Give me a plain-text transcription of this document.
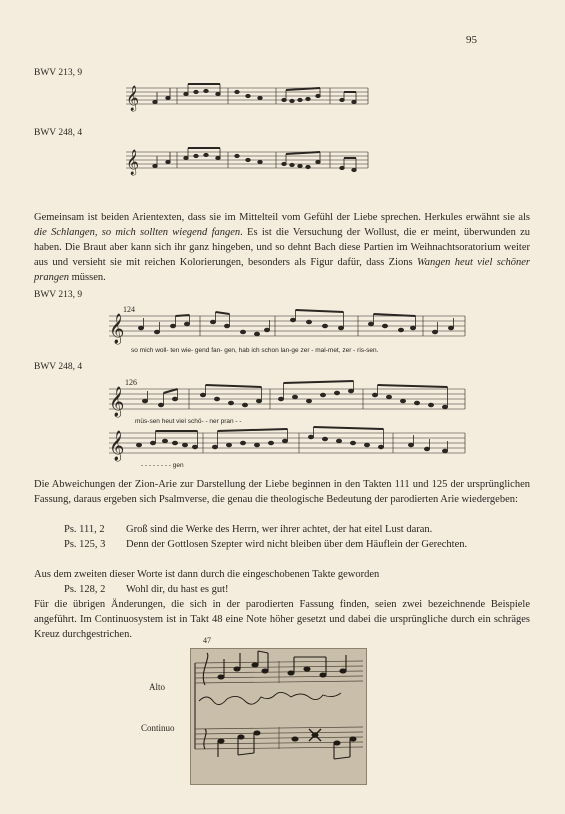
95
BWV 213, 9
𝄞
BWV 248, 4
𝄞
Gemeinsam ist beiden Arientexten, dass sie im Mittelteil vom Gefühl der Liebe sprechen. Herkules erwähnt sie als die Schlangen, so mich sollten wiegend fangen. Es ist die Versuchung der Wollust, die er meint, überwunden zu haben. Die Braut aber kann sich ihr ganz hingeben, und so dehnt Bach diese Partien im Weihnachtsoratorium weiter aus und versieht sie mit reichen Kolorierungen, besonders als Figur dafür, dass Zions Wangen heut viel schöner prangen müssen.
BWV 213, 9
124
𝄞
so mich woll- ten wie- gend fan- gen, hab ich schon lan-ge zer - mal-met, zer - ris-sen.
BWV 248, 4
126
𝄞
müs-sen heut viel schö- - ner pran - -
𝄞
- - - - - - - - gen
Die Abweichungen der Zion-Arie zur Darstellung der Liebe beginnen in den Takten 111 und 125 der ursprünglichen Fassung, daraus ergeben sich Psalmverse, die genau die theologische Bedeutung der parodierten Arie wiedergeben:
Ps. 111, 2 Groß sind die Werke des Herrn, wer ihrer achtet, der hat eitel Lust daran.
Ps. 125, 3 Denn der Gottlosen Szepter wird nicht bleiben über dem Häuflein der Gerechten.
Aus dem zweiten dieser Worte ist dann durch die eingeschobenen Takte geworden
Ps. 128, 2 Wohl dir, du hast es gut!
Für die übrigen Änderungen, die sich in der parodierten Fassung finden, seien zwei bezeichnende Beispiele angeführt. Im Continuosystem ist in Takt 48 eine Note höher gesetzt und dabei die ursprüngliche durch ein schräges Kreuz durchgestrichen.
47
Alto
Continuo
